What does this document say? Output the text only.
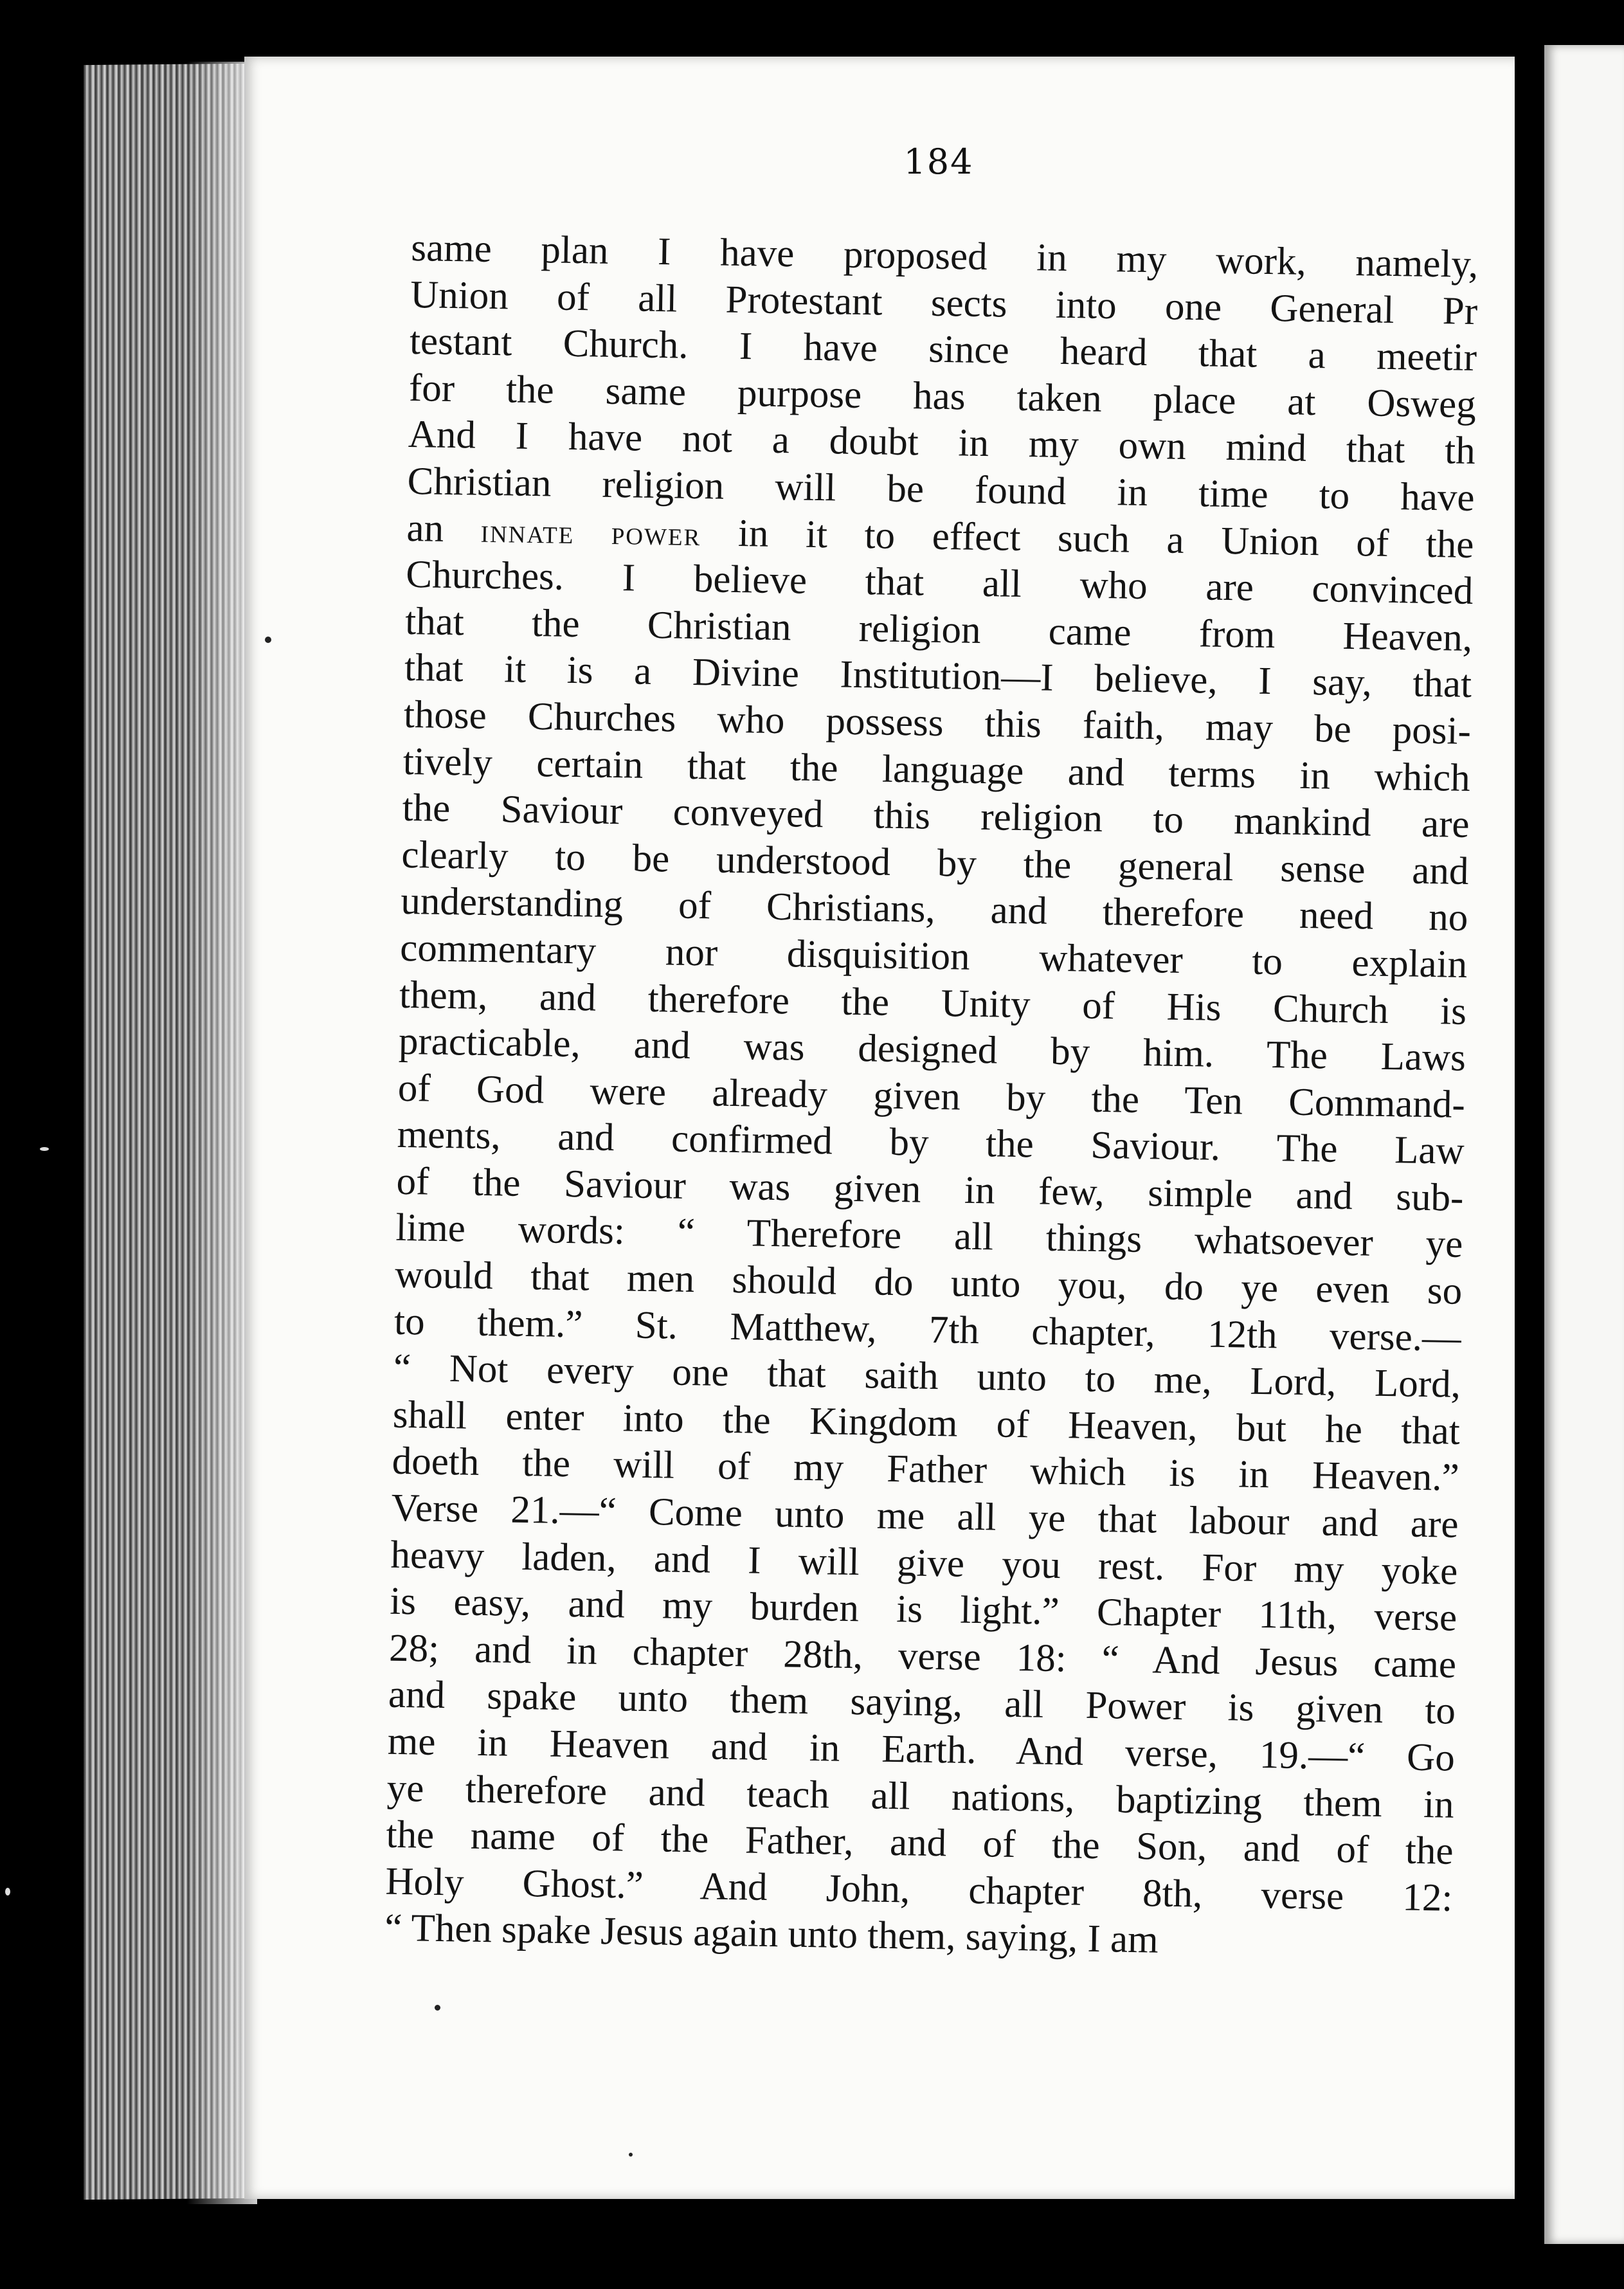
184
same plan I have proposed in my work, namely,
Union of all Protestant sects into one General Pr
testant Church. I have since heard that a meetir
for the same purpose has taken place at Osweg
And I have not a doubt in my own mind that th
Christian religion will be found in time to have
an innate power in it to effect such a Union of the
Churches. I believe that all who are convinced
that the Christian religion came from Heaven,
that it is a Divine Institution—I believe, I say, that
those Churches who possess this faith, may be posi-
tively certain that the language and terms in which
the Saviour conveyed this religion to mankind are
clearly to be understood by the general sense and
understanding of Christians, and therefore need no
commentary nor disquisition whatever to explain
them, and therefore the Unity of His Church is
practicable, and was designed by him. The Laws
of God were already given by the Ten Command-
ments, and confirmed by the Saviour. The Law
of the Saviour was given in few, simple and sub-
lime words: “ Therefore all things whatsoever ye
would that men should do unto you, do ye even so
to them.” St. Matthew, 7th chapter, 12th verse.—
“ Not every one that saith unto to me, Lord, Lord,
shall enter into the Kingdom of Heaven, but he that
doeth the will of my Father which is in Heaven.”
Verse 21.—“ Come unto me all ye that labour and are
heavy laden, and I will give you rest. For my yoke
is easy, and my burden is light.” Chapter 11th, verse
28; and in chapter 28th, verse 18: “ And Jesus came
and spake unto them saying, all Power is given to
me in Heaven and in Earth. And verse, 19.—“ Go
ye therefore and teach all nations, baptizing them in
the name of the Father, and of the Son, and of the
Holy Ghost.” And John, chapter 8th, verse 12:
“ Then spake Jesus again unto them, saying, I am
